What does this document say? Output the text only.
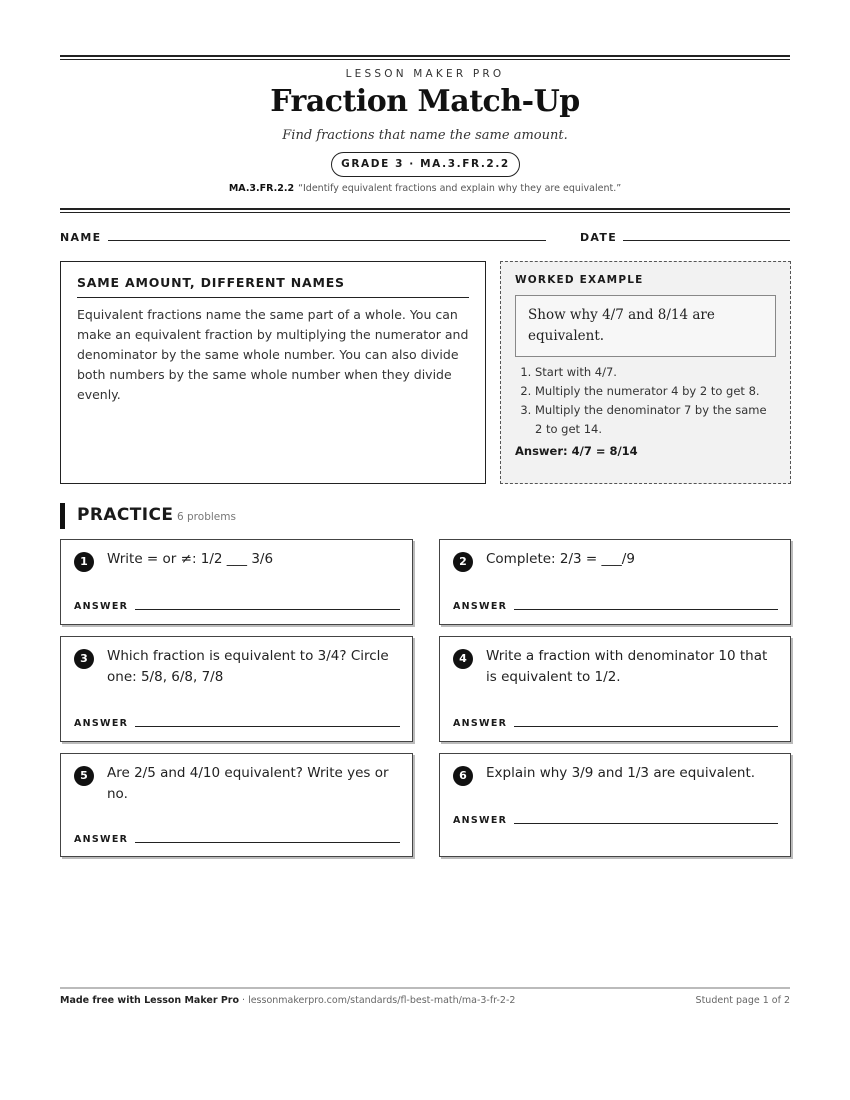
LESSON MAKER PRO
Fraction Match-Up
Find fractions that name the same amount.
GRADE 3 · MA.3.FR.2.2
MA.3.FR.2.2 “Identify equivalent fractions and explain why they are equivalent.”
NAME	DATE
SAME AMOUNT, DIFFERENT NAMES

Equivalent fractions name the same part of a whole. You can make an equivalent fraction by multiplying the numerator and denominator by the same whole number. You can also divide both numbers by the same whole number when they divide evenly.

WORKED EXAMPLE
Show why 4/7 and 8/14 are equivalent.
1. Start with 4/7.
2. Multiply the numerator 4 by 2 to get 8.
3. Multiply the denominator 7 by the same 2 to get 14.
Answer: 4/7 = 8/14
PRACTICE 6 problems
1	Write = or ≠: 1/2 ___ 3/6
ANSWER
2	Complete: 2/3 = ___/9
ANSWER
3	Which fraction is equivalent to 3/4? Circle one: 5/8, 6/8, 7/8
ANSWER
4	Write a fraction with denominator 10 that is equivalent to 1/2.
ANSWER
5	Are 2/5 and 4/10 equivalent? Write yes or no.
ANSWER
6	Explain why 3/9 and 1/3 are equivalent.
ANSWER
Made free with Lesson Maker Pro · lessonmakerpro.com/standards/fl-best-math/ma-3-fr-2-2	Student page 1 of 2
